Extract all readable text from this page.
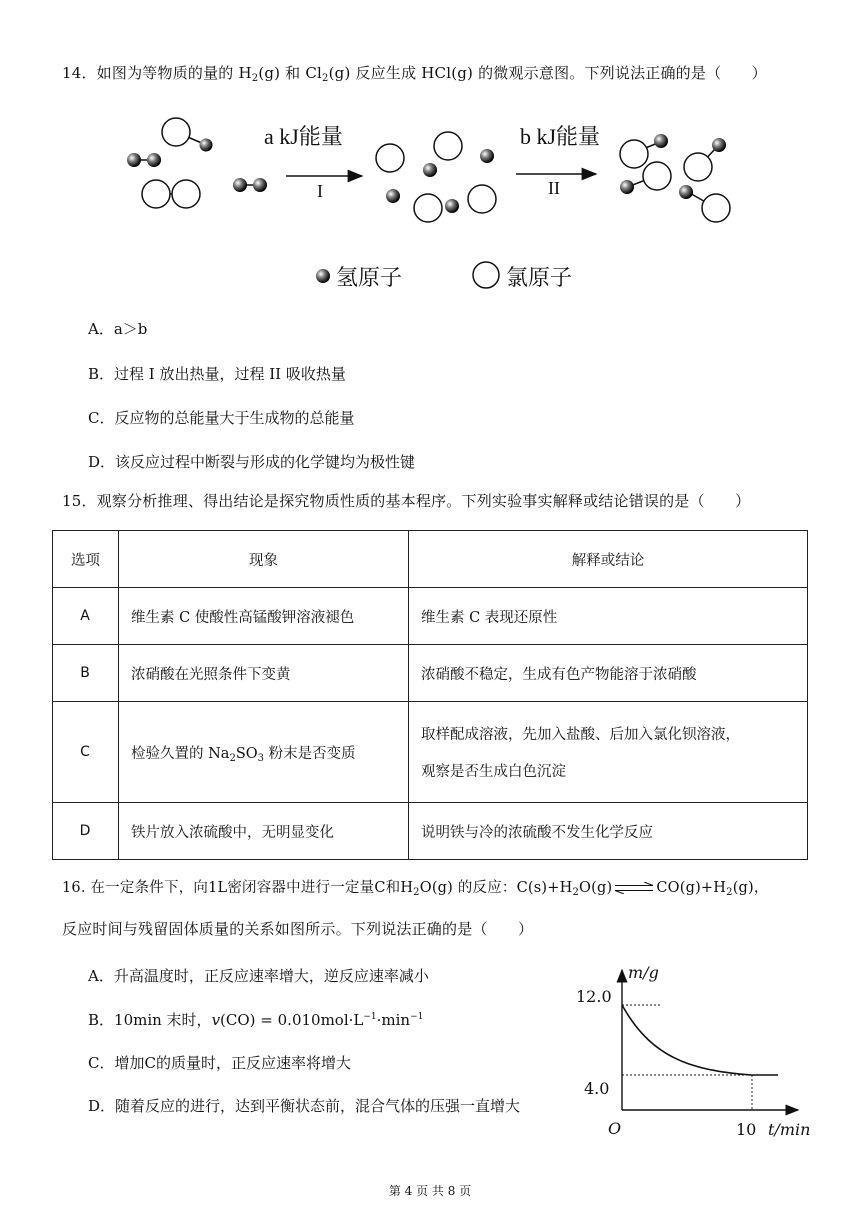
14．如图为等物质的量的 $H_2(g)$ 和 $Cl_2(g)$ 反应生成 HCl(g) 的微观示意图。下列说法正确的是（　　）
a kJ能量
I
b kJ能量
II
氢原子	氯原子
A．a＞b
B．过程 I 放出热量，过程 II 吸收热量
C．反应物的总能量大于生成物的总能量
D．该反应过程中断裂与形成的化学键均为极性键
15．观察分析推理、得出结论是探究物质性质的基本程序。下列实验事实解释或结论错误的是（　　）
选项	现象	解释或结论
A	维生素 C 使酸性高锰酸钾溶液褪色	维生素 C 表现还原性
B	浓硝酸在光照条件下变黄	浓硝酸不稳定，生成有色产物能溶于浓硝酸
C	检验久置的 $Na_2SO_3$ 粉末是否变质	取样配成溶液，先加入盐酸、后加入氯化钡溶液，
观察是否生成白色沉淀

D	铁片放入浓硫酸中，无明显变化	说明铁与冷的浓硫酸不发生化学反应
16. 在一定条件下，向1L密闭容器中进行一定量C和$H_2O(g)$ 的反应：$C(s)+H_2O(g)$ ⇌ $CO(g)+H_2(g)$，
反应时间与残留固体质量的关系如图所示。下列说法正确的是（　　）
A．升高温度时，正反应速率增大，逆反应速率减小
B．10min 末时，$v(CO) = 0.010mol\cdot L^{-1}\cdot\min^{-1}$
C．增加C的质量时，正反应速率将增大
D．随着反应的进行，达到平衡状态前，混合气体的压强一直增大
m/g
t/min
O
12.0
4.0
10
第 4 页 共 8 页
